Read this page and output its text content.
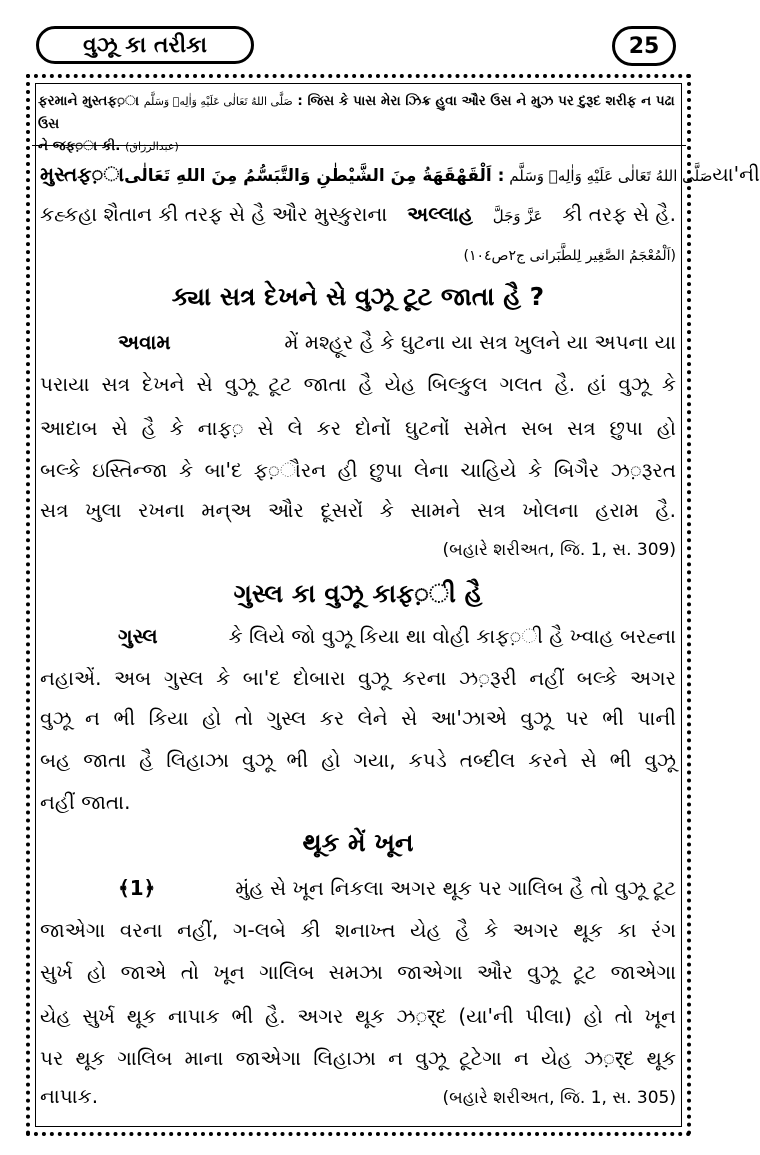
વુઝૂ કા તરીકા	25
ફરમાને મુસ્તફ़ા صَلَّی اللهُ تَعَالٰی عَلَيْهِ وَاٰلِهٖ وَسَلَّم : જિસ કે પાસ મેરા ઝિક્ર હુવા ઔર ઉસ ને મુઝ પર દુરૂદ શરીફ ન પઢા ઉસ
ને જફ़ા કી. (عبدالرزاق)
મુસ્તફ़ા	صَلَّی اللهُ تَعَالٰی عَلَيْهِ وَاٰلِهٖ وَسَلَّم : اَلْقَهْقَهَةُ مِنَ الشَّيْطٰنِ وَالتَّبَسُّمُ مِنَ اللهِ تَعَالٰی	યા'ની
કહ્કહા શૈતાન કી તરફ સે હૈ ઔર મુસ્કુરાના અલ્લાહ عَزَّ وَجَلَّ કી તરફ સે હૈ.
(اَلْمُعْجَمُ الصَّغِير لِلطَّبَرانی ج۲ص۱۰٤)
ક્યા સત્ર દેખને સે વુઝૂ ટૂટ જાતા હૈ ?
અવામ	મેં મશ્હૂર હૈ કે ઘુટના યા સત્ર ખુલને યા અપના યા
પરાયા સત્ર દેખને સે વુઝૂ ટૂટ જાતા હૈ યેહ બિલ્કુલ ગલત હૈ. હાં વુઝૂ કે
આદાબ સે હૈ કે નાફ़ સે લે કર દોનોં ઘુટનોં સમેત સબ સત્ર છુપા હો
બલ્કે ઇસ્તિન્જા કે બા'દ ફ़ૌરન હી છુપા લેના ચાહિયે કે બિગૈર ઝ़રૂરત
સત્ર ખુલા રખના મન્અ ઔર દૂસરોં કે સામને સત્ર ખોલના હરામ હૈ.
(બહારે શરીઅત, જિ. 1, સ. 309)
ગુસ્લ કા વુઝૂ કાફ़ી હૈ
ગુસ્લ	કે લિયે જો વુઝૂ કિયા થા વોહી કાફ़ી હૈ ખ્વાહ બરહ્ના
નહાએં. અબ ગુસ્લ કે બા'દ દોબારા વુઝૂ કરના ઝ़રૂરી નહીં બલ્કે અગર
વુઝૂ ન ભી કિયા હો તો ગુસ્લ કર લેને સે આ'ઝાએ વુઝૂ પર ભી પાની
બહ જાતા હૈ લિહાઝા વુઝૂ ભી હો ગયા, કપડે તબ્દીલ કરને સે ભી વુઝૂ
નહીં જાતા.
થૂક મેં ખૂન
﴾1﴿	મુંહ સે ખૂન નિકલા અગર થૂક પર ગાલિબ હૈ તો વુઝૂ ટૂટ
જાએગા વરના નહીં, ગ-લબે કી શનાખ્ત યેહ હૈ કે અગર થૂક કા રંગ
સુર્ખ હો જાએ તો ખૂન ગાલિબ સમઝા જાએગા ઔર વુઝૂ ટૂટ જાએગા
યેહ સુર્ખ થૂક નાપાક ભી હૈ. અગર થૂક ઝ़र्દ (યા'ની પીલા) હો તો ખૂન
પર થૂક ગાલિબ માના જાએગા લિહાઝા ન વુઝૂ ટૂટેગા ન યેહ ઝ़र्દ થૂક
નાપાક.	(બહારે શરીઅત, જિ. 1, સ. 305)
